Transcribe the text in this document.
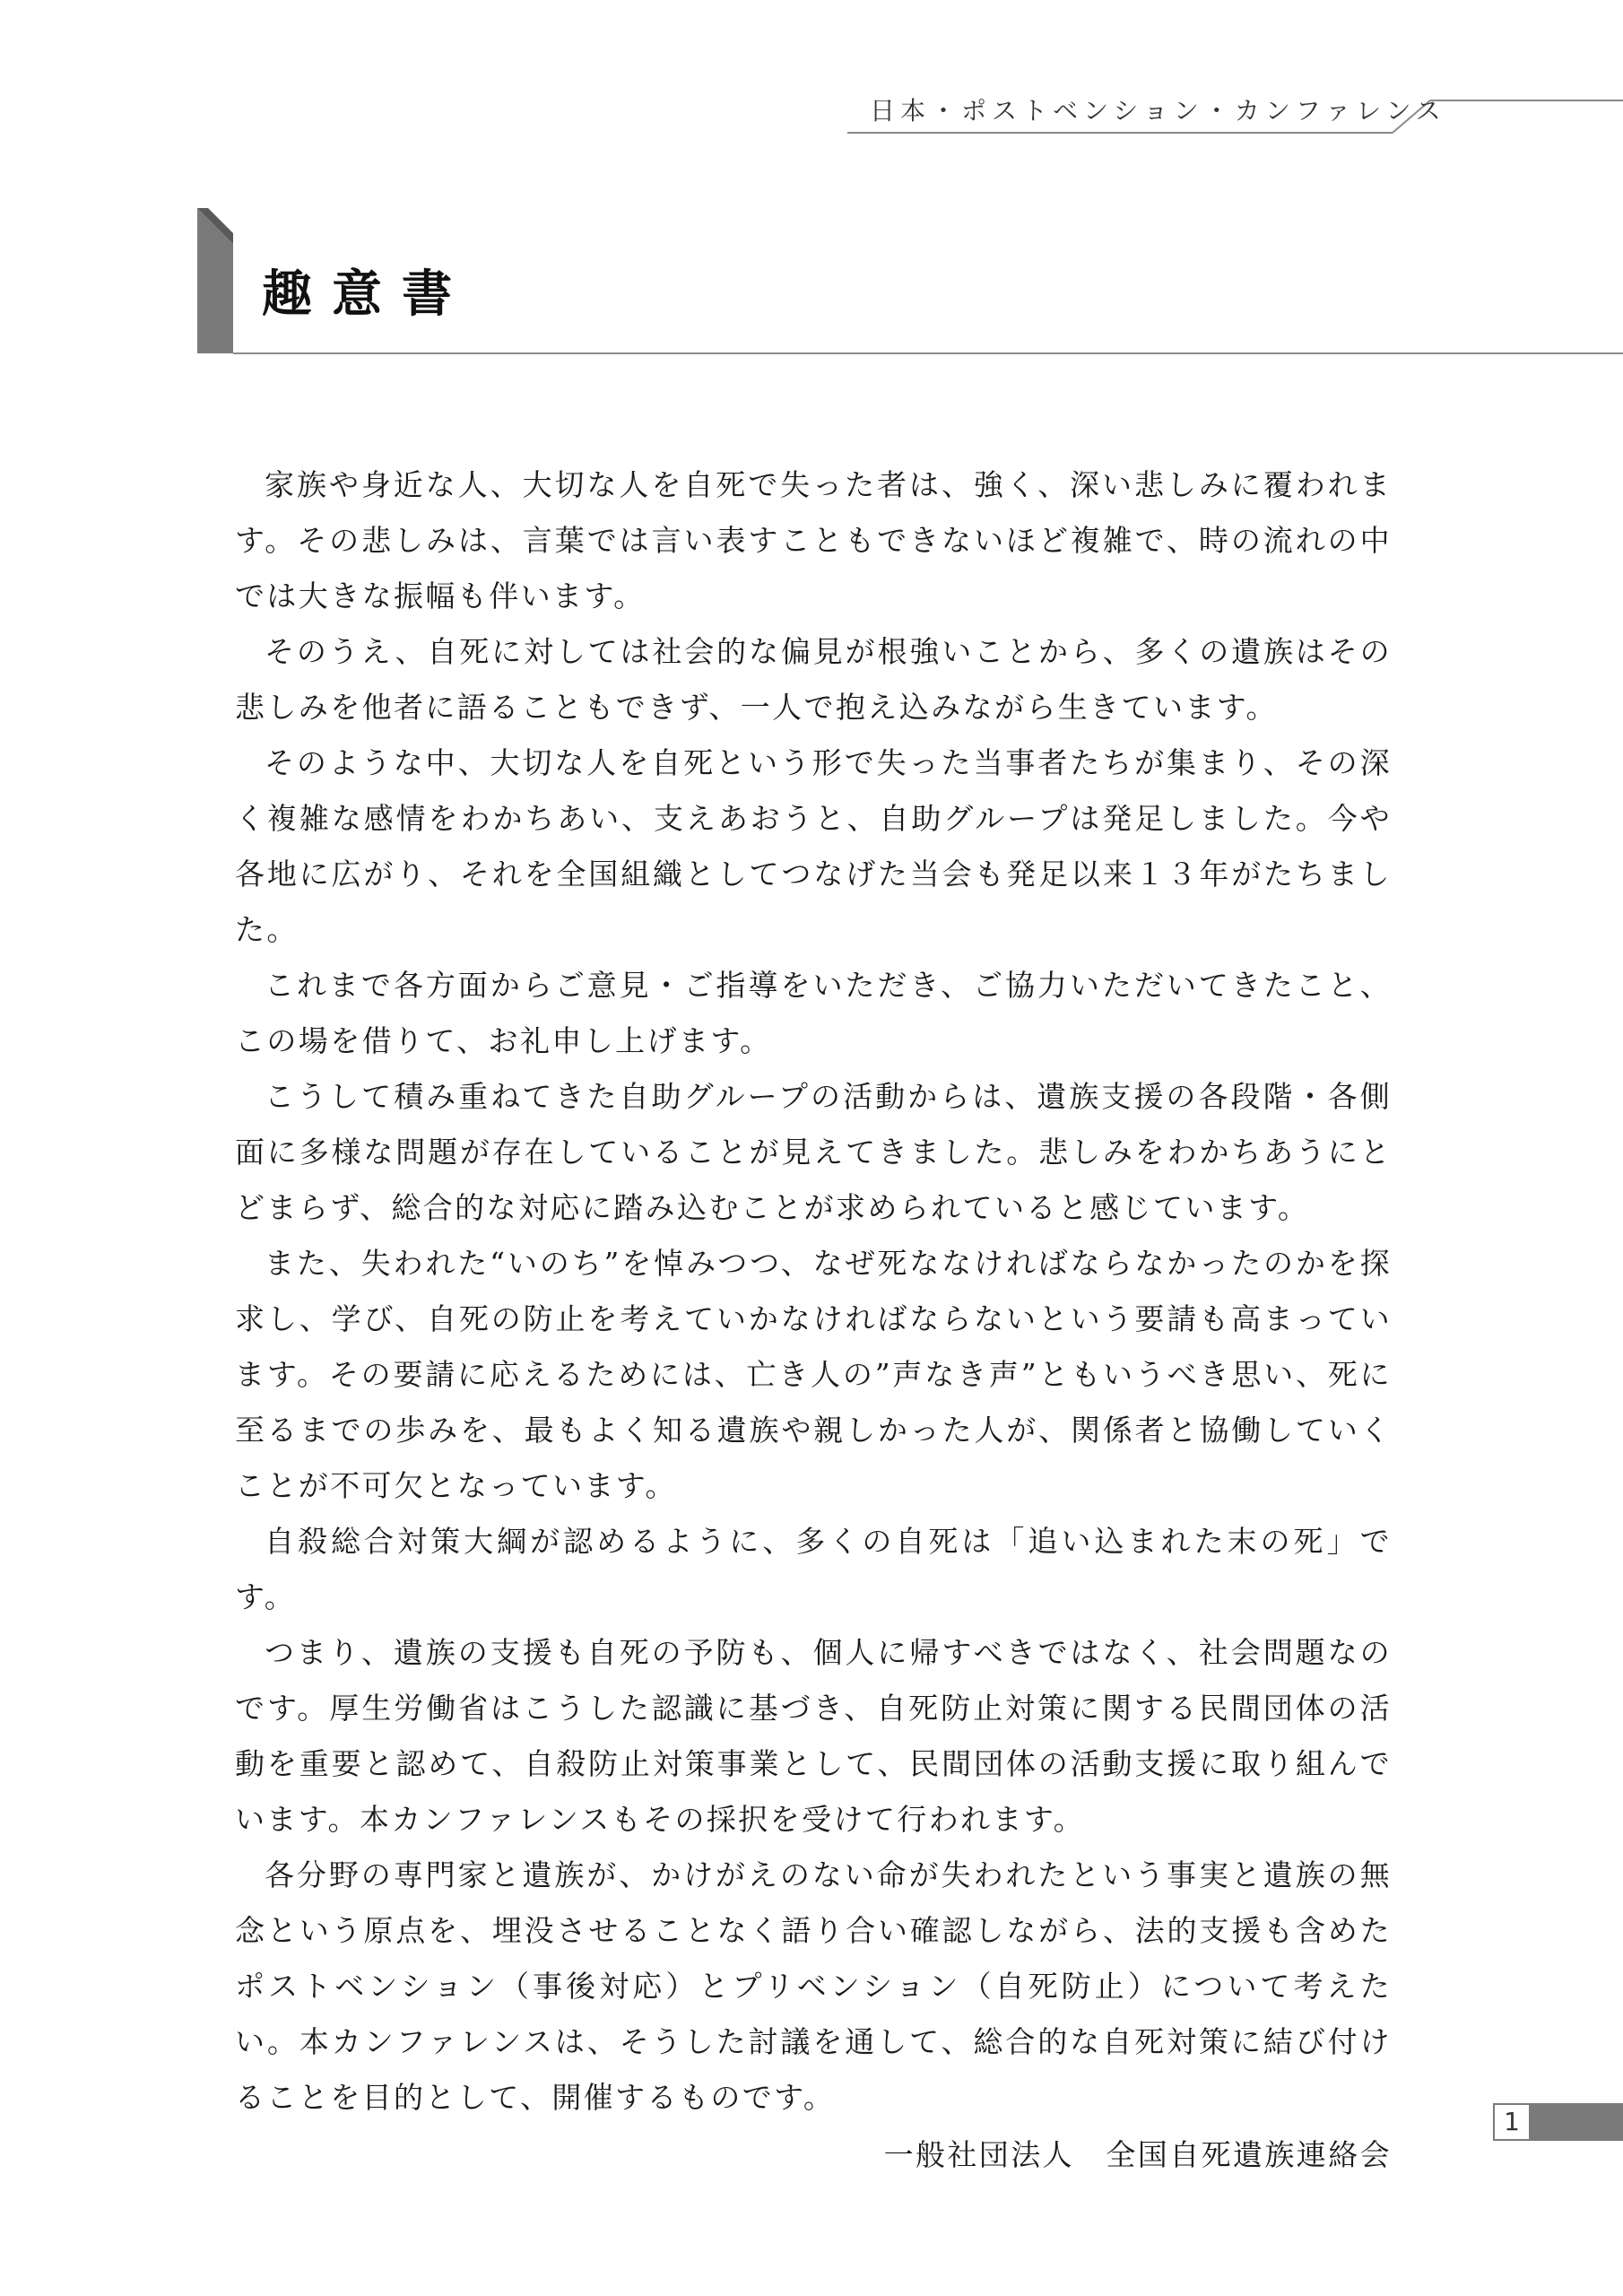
日本・ポストベンション・カンファレンス
趣意書

家族や身近な人、大切な人を自死で失った者は、強く、深い悲しみに覆われます。その悲しみは、言葉では言い表すこともできないほど複雑で、時の流れの中では大きな振幅も伴います。

そのうえ、自死に対しては社会的な偏見が根強いことから、多くの遺族はその悲しみを他者に語ることもできず、一人で抱え込みながら生きています。

そのような中、大切な人を自死という形で失った当事者たちが集まり、その深く複雑な感情をわかちあい、支えあおうと、自助グループは発足しました。今や各地に広がり、それを全国組織としてつなげた当会も発足以来１３年がたちました。

これまで各方面からご意見・ご指導をいただき、ご協力いただいてきたこと、この場を借りて、お礼申し上げます。

こうして積み重ねてきた自助グループの活動からは、遺族支援の各段階・各側面に多様な問題が存在していることが見えてきました。悲しみをわかちあうにとどまらず、総合的な対応に踏み込むことが求められていると感じています。

また、失われた“いのち”を悼みつつ、なぜ死ななければならなかったのかを探求し、学び、自死の防止を考えていかなければならないという要請も高まっています。その要請に応えるためには、亡き人の”声なき声”ともいうべき思い、死に至るまでの歩みを、最もよく知る遺族や親しかった人が、関係者と協働していくことが不可欠となっています。

自殺総合対策大綱が認めるように、多くの自死は「追い込まれた末の死」です。

つまり、遺族の支援も自死の予防も、個人に帰すべきではなく、社会問題なのです。厚生労働省はこうした認識に基づき、自死防止対策に関する民間団体の活動を重要と認めて、自殺防止対策事業として、民間団体の活動支援に取り組んでいます。本カンファレンスもその採択を受けて行われます。

各分野の専門家と遺族が、かけがえのない命が失われたという事実と遺族の無念という原点を、埋没させることなく語り合い確認しながら、法的支援も含めたポストベンション（事後対応）とプリベンション（自死防止）について考えたい。本カンファレンスは、そうした討議を通して、総合的な自死対策に結び付けることを目的として、開催するものです。

一般社団法人　全国自死遺族連絡会

1
